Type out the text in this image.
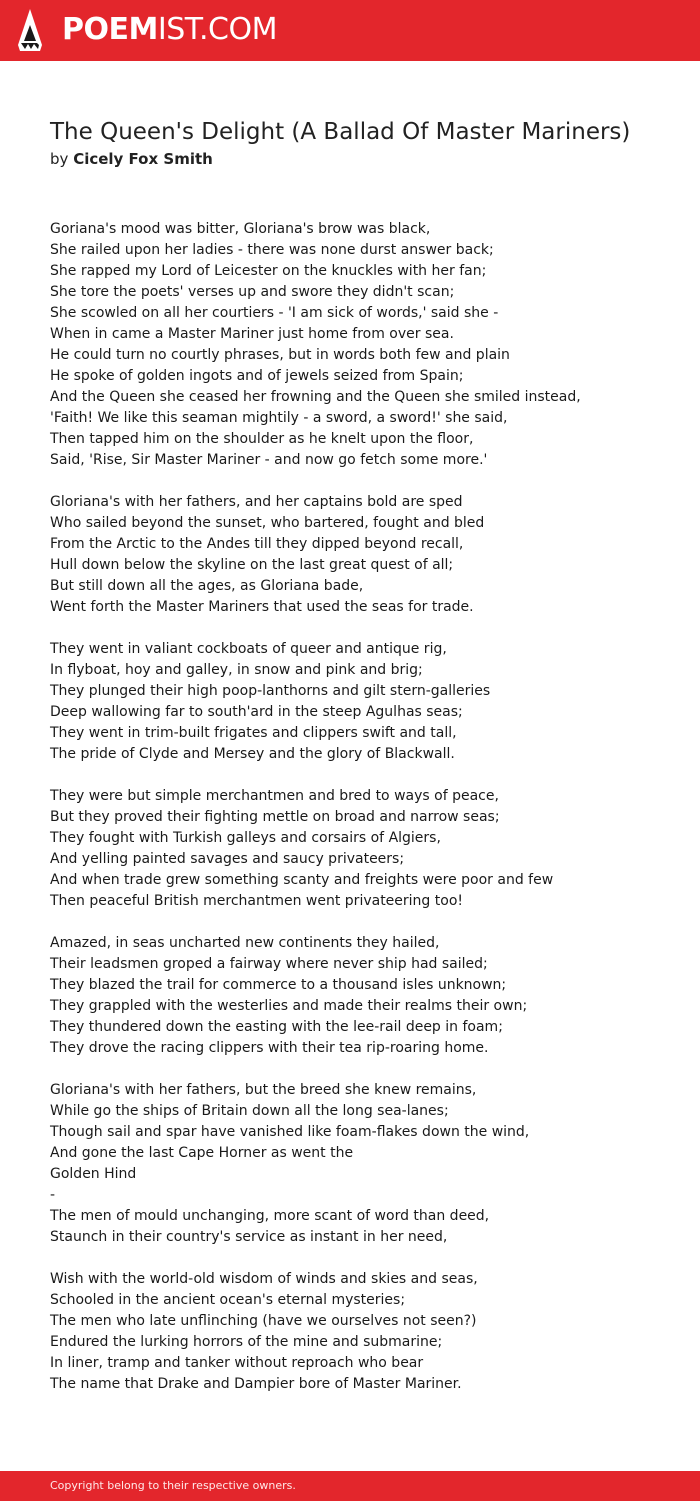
POEMIST.COM
The Queen's Delight (A Ballad Of Master Mariners)
by Cicely Fox Smith
Goriana's mood was bitter, Gloriana's brow was black,
She railed upon her ladies - there was none durst answer back;
She rapped my Lord of Leicester on the knuckles with her fan;
She tore the poets' verses up and swore they didn't scan;
She scowled on all her courtiers - 'I am sick of words,' said she -
When in came a Master Mariner just home from over sea.
He could turn no courtly phrases, but in words both few and plain
He spoke of golden ingots and of jewels seized from Spain;
And the Queen she ceased her frowning and the Queen she smiled instead,
'Faith! We like this seaman mightily - a sword, a sword!' she said,
Then tapped him on the shoulder as he knelt upon the floor,
Said, 'Rise, Sir Master Mariner - and now go fetch some more.'
Gloriana's with her fathers, and her captains bold are sped
Who sailed beyond the sunset, who bartered, fought and bled
From the Arctic to the Andes till they dipped beyond recall,
Hull down below the skyline on the last great quest of all;
But still down all the ages, as Gloriana bade,
Went forth the Master Mariners that used the seas for trade.
They went in valiant cockboats of queer and antique rig,
In flyboat, hoy and galley, in snow and pink and brig;
They plunged their high poop-lanthorns and gilt stern-galleries
Deep wallowing far to south'ard in the steep Agulhas seas;
They went in trim-built frigates and clippers swift and tall,
The pride of Clyde and Mersey and the glory of Blackwall.
They were but simple merchantmen and bred to ways of peace,
But they proved their fighting mettle on broad and narrow seas;
They fought with Turkish galleys and corsairs of Algiers,
And yelling painted savages and saucy privateers;
And when trade grew something scanty and freights were poor and few
Then peaceful British merchantmen went privateering too!
Amazed, in seas uncharted new continents they hailed,
Their leadsmen groped a fairway where never ship had sailed;
They blazed the trail for commerce to a thousand isles unknown;
They grappled with the westerlies and made their realms their own;
They thundered down the easting with the lee-rail deep in foam;
They drove the racing clippers with their tea rip-roaring home.
Gloriana's with her fathers, but the breed she knew remains,
While go the ships of Britain down all the long sea-lanes;
Though sail and spar have vanished like foam-flakes down the wind,
And gone the last Cape Horner as went the
Golden Hind
-
The men of mould unchanging, more scant of word than deed,
Staunch in their country's service as instant in her need,
Wish with the world-old wisdom of winds and skies and seas,
Schooled in the ancient ocean's eternal mysteries;
The men who late unflinching (have we ourselves not seen?)
Endured the lurking horrors of the mine and submarine;
In liner, tramp and tanker without reproach who bear
The name that Drake and Dampier bore of Master Mariner.
Copyright belong to their respective owners.
